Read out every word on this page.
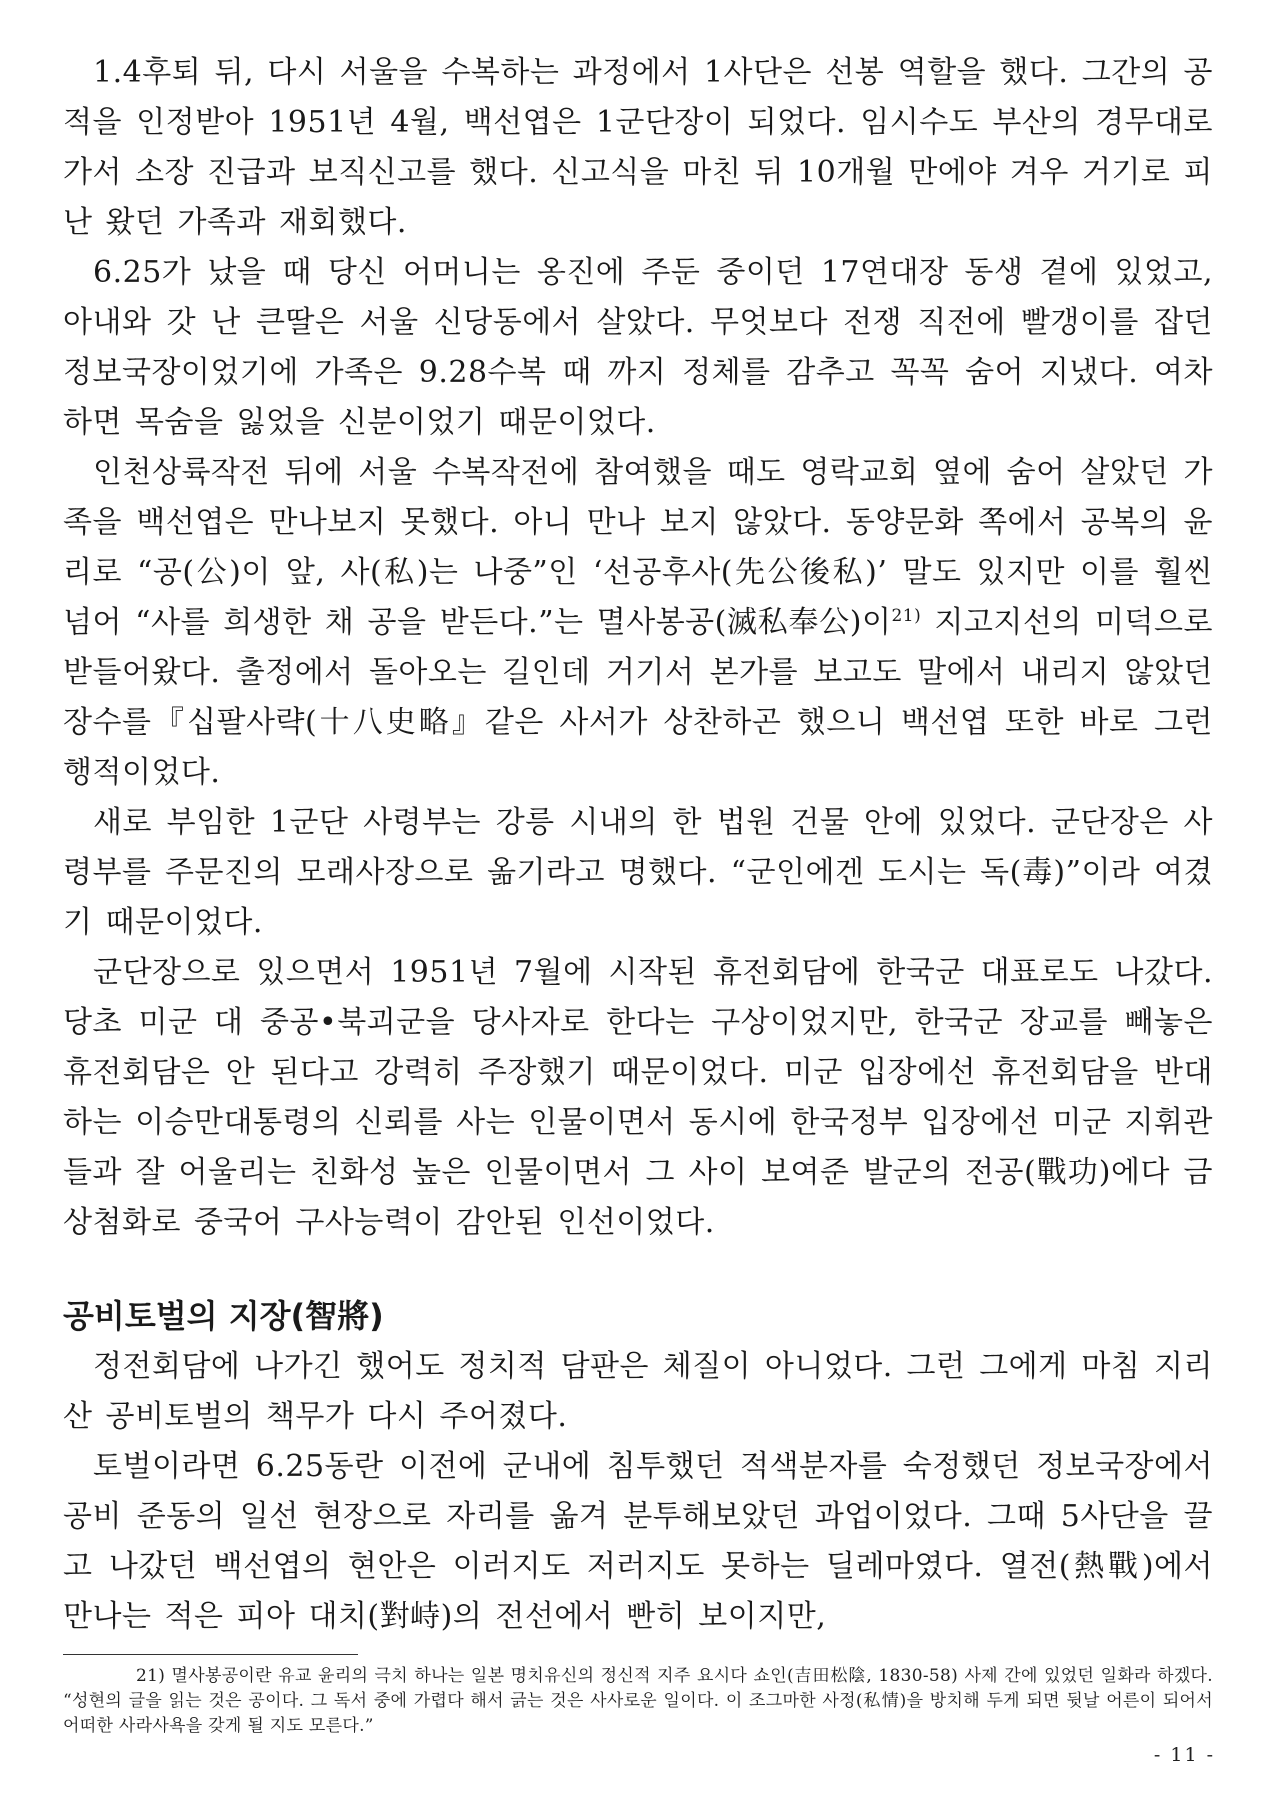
1.4후퇴 뒤, 다시 서울을 수복하는 과정에서 1사단은 선봉 역할을 했다. 그간의 공적을 인정받아 1951년 4월, 백선엽은 1군단장이 되었다. 임시수도 부산의 경무대로 가서 소장 진급과 보직신고를 했다. 신고식을 마친 뒤 10개월 만에야 겨우 거기로 피난 왔던 가족과 재회했다.

6.25가 났을 때 당신 어머니는 옹진에 주둔 중이던 17연대장 동생 곁에 있었고, 아내와 갓 난 큰딸은 서울 신당동에서 살았다. 무엇보다 전쟁 직전에 빨갱이를 잡던 정보국장이었기에 가족은 9.28수복 때 까지 정체를 감추고 꼭꼭 숨어 지냈다. 여차하면 목숨을 잃었을 신분이었기 때문이었다.

인천상륙작전 뒤에 서울 수복작전에 참여했을 때도 영락교회 옆에 숨어 살았던 가족을 백선엽은 만나보지 못했다. 아니 만나 보지 않았다. 동양문화 쪽에서 공복의 윤리로 “공(公)이 앞, 사(私)는 나중”인 ‘선공후사(先公後私)’ 말도 있지만 이를 훨씬 넘어 “사를 희생한 채 공을 받든다.”는 멸사봉공(滅私奉公)이$^{21)}$ 지고지선의 미덕으로 받들어왔다. 출정에서 돌아오는 길인데 거기서 본가를 보고도 말에서 내리지 않았던 장수를『십팔사략(十八史略』같은 사서가 상찬하곤 했으니 백선엽 또한 바로 그런 행적이었다.

새로 부임한 1군단 사령부는 강릉 시내의 한 법원 건물 안에 있었다. 군단장은 사령부를 주문진의 모래사장으로 옮기라고 명했다. “군인에겐 도시는 독(毒)”이라 여겼기 때문이었다.

군단장으로 있으면서 1951년 7월에 시작된 휴전회담에 한국군 대표로도 나갔다. 당초 미군 대 중공•북괴군을 당사자로 한다는 구상이었지만, 한국군 장교를 빼놓은 휴전회담은 안 된다고 강력히 주장했기 때문이었다. 미군 입장에선 휴전회담을 반대하는 이승만대통령의 신뢰를 사는 인물이면서 동시에 한국정부 입장에선 미군 지휘관들과 잘 어울리는 친화성 높은 인물이면서 그 사이 보여준 발군의 전공(戰功)에다 금상첨화로 중국어 구사능력이 감안된 인선이었다.

공비토벌의 지장(智將)

정전회담에 나가긴 했어도 정치적 담판은 체질이 아니었다. 그런 그에게 마침 지리산 공비토벌의 책무가 다시 주어졌다.

토벌이라면 6.25동란 이전에 군내에 침투했던 적색분자를 숙정했던 정보국장에서 공비 준동의 일선 현장으로 자리를 옮겨 분투해보았던 과업이었다. 그때 5사단을 끌고 나갔던 백선엽의 현안은 이러지도 저러지도 못하는 딜레마였다. 열전(熱戰)에서 만나는 적은 피아 대치(對峙)의 전선에서 빤히 보이지만,

21) 멸사봉공이란 유교 윤리의 극치 하나는 일본 명치유신의 정신적 지주 요시다 쇼인(吉田松陰, 1830-58) 사제 간에 있었던 일화라 하겠다. “성현의 글을 읽는 것은 공이다. 그 독서 중에 가렵다 해서 긁는 것은 사사로운 일이다. 이 조그마한 사정(私情)을 방치해 두게 되면 뒷날 어른이 되어서 어떠한 사라사욕을 갖게 될 지도 모른다.”

- 11 -
